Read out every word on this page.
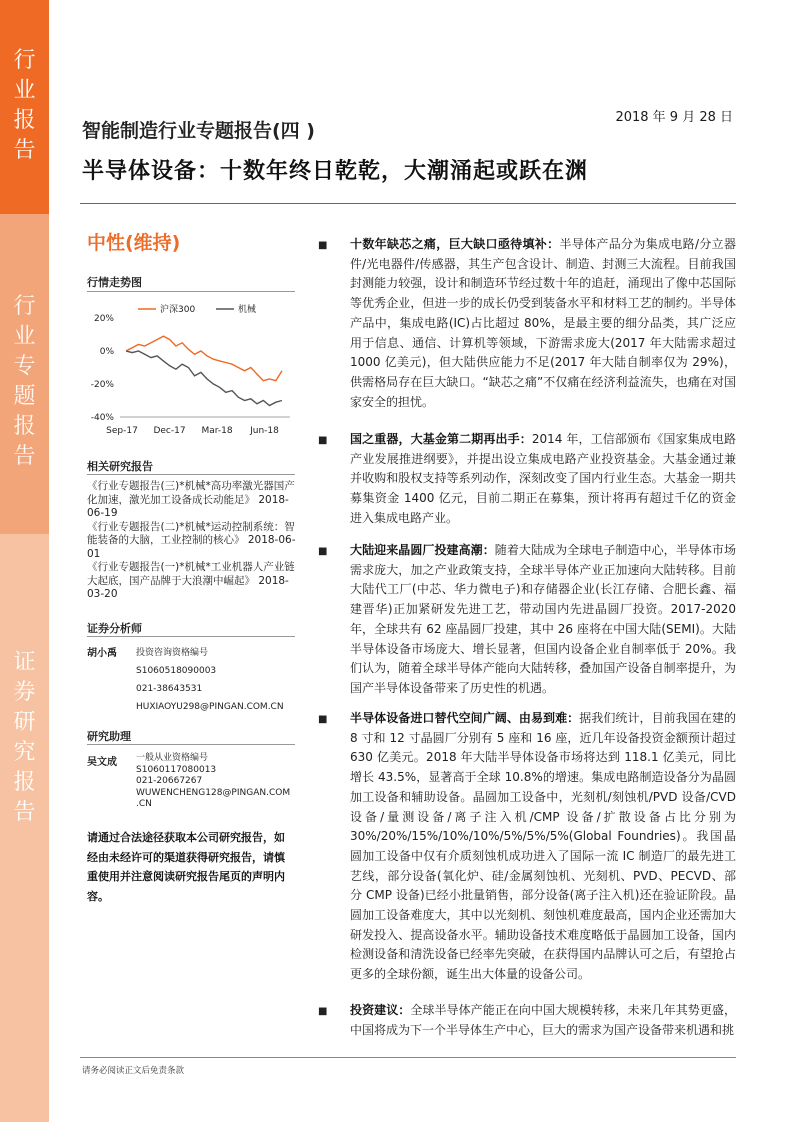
行
业
报
告
行
业
专
题
报
告
证
券
研
究
报
告
2018 年 9 月 28 日
智能制造行业专题报告(四 )
半导体设备：十数年终日乾乾，大潮涌起或跃在渊
中性(维持)
行情走势图
20%
0%
-20%
-40%
Sep-17 Dec-17 Mar-18 Jun-18
沪深300	机械
相关研究报告
《行业专题报告(三)*机械*高功率激光器国产化加速，激光加工设备成长动能足》 2018-06-19
《行业专题报告(二)*机械*运动控制系统：智能装备的大脑，工业控制的核心》 2018-06-01
《行业专题报告(一)*机械*工业机器人产业链大起底，国产品牌于大浪潮中崛起》 2018-03-20
证券分析师
胡小禹 投资咨询资格编号
S1060518090003
021-38643531
HUXIAOYU298@PINGAN.COM.CN
研究助理
吴文成 一般从业资格编号
S1060117080013
021-20667267
WUWENCHENG128@PINGAN.COM
.CN
请通过合法途径获取本公司研究报告，如经由未经许可的渠道获得研究报告，请慎重使用并注意阅读研究报告尾页的声明内容。
■	十数年缺芯之痛，巨大缺口亟待填补：半导体产品分为集成电路/分立器件/光电器件/传感器，其生产包含设计、制造、封测三大流程。目前我国封测能力较强，设计和制造环节经过数十年的追赶，涌现出了像中芯国际等优秀企业，但进一步的成长仍受到装备水平和材料工艺的制约。半导体产品中，集成电路(IC)占比超过 80%，是最主要的细分品类，其广泛应用于信息、通信、计算机等领域，下游需求庞大(2017 年大陆需求超过 1000 亿美元)，但大陆供应能力不足(2017 年大陆自制率仅为 29%)，供需格局存在巨大缺口。“缺芯之痛”不仅痛在经济利益流失，也痛在对国家安全的担忧。
■	国之重器，大基金第二期再出手：2014 年，工信部颁布《国家集成电路产业发展推进纲要》，并提出设立集成电路产业投资基金。大基金通过兼并收购和股权支持等系列动作，深刻改变了国内行业生态。大基金一期共募集资金 1400 亿元，目前二期正在募集，预计将再有超过千亿的资金进入集成电路产业。
■	大陆迎来晶圆厂投建高潮：随着大陆成为全球电子制造中心，半导体市场需求庞大，加之产业政策支持，全球半导体产业正加速向大陆转移。目前大陆代工厂(中芯、华力微电子)和存储器企业(长江存储、合肥长鑫、福建晋华)正加紧研发先进工艺，带动国内先进晶圆厂投资。2017-2020 年，全球共有 62 座晶圆厂投建，其中 26 座将在中国大陆(SEMI)。大陆半导体设备市场庞大、增长显著，但国内设备企业自制率低于 20%。我们认为，随着全球半导体产能向大陆转移，叠加国产设备自制率提升，为国产半导体设备带来了历史性的机遇。
■	半导体设备进口替代空间广阔、由易到难：据我们统计，目前我国在建的 8 寸和 12 寸晶圆厂分别有 5 座和 16 座，近几年设备投资金额预计超过 630 亿美元。2018 年大陆半导体设备市场将达到 118.1 亿美元，同比增长 43.5%，显著高于全球 10.8%的增速。集成电路制造设备分为晶圆加工设备和辅助设备。晶圆加工设备中，光刻机/刻蚀机/PVD 设备/CVD 设备/量测设备/离子注入机/CMP 设备/扩散设备占比分别为 30%/20%/15%/10%/10%/5%/5%/5%(Global Foundries)。我国晶圆加工设备中仅有介质刻蚀机成功进入了国际一流 IC 制造厂的最先进工艺线，部分设备(氧化炉、硅/金属刻蚀机、光刻机、PVD、PECVD、部分 CMP 设备)已经小批量销售，部分设备(离子注入机)还在验证阶段。晶圆加工设备难度大，其中以光刻机、刻蚀机难度最高，国内企业还需加大研发投入、提高设备水平。辅助设备技术难度略低于晶圆加工设备，国内检测设备和清洗设备已经率先突破，在获得国内品牌认可之后，有望抢占更多的全球份额，诞生出大体量的设备公司。
■	投资建议：全球半导体产能正在向中国大规模转移，未来几年其势更盛，中国将成为下一个半导体生产中心，巨大的需求为国产设备带来机遇和挑
请务必阅读正文后免责条款
